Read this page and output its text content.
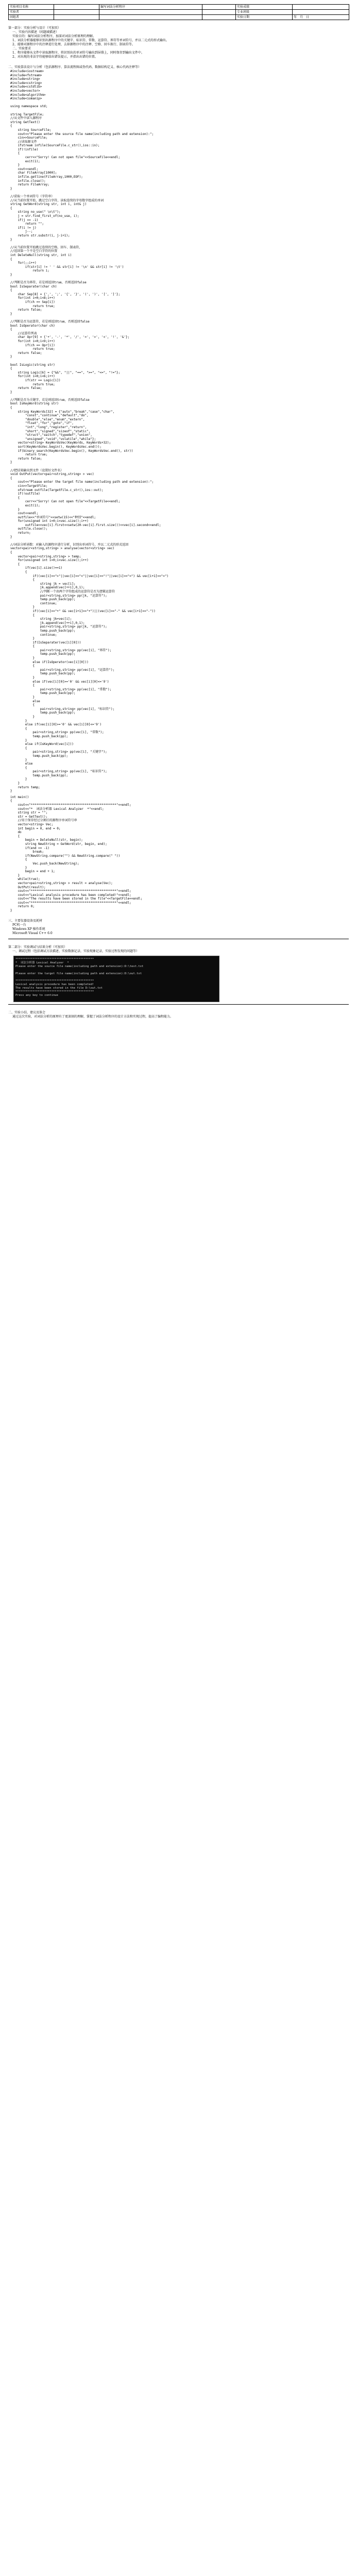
实验项目名称		编写词法分析程序		实验成绩	
实验者				专业班级	
同组者				实验日期	年　月　日
第一部分：实验分析与设计（可加页）
一、实验内容描述（问题域描述）
实验目的：编写词法分析程序，加深对词法分析原理的理解。
1、词法分析器能够识别出源程序中的关键字、标识符、常数、运算符、界符等单词符号，并以二元式的形式输出。
2、能够对源程序中的注释进行处理，去掉源程序中的注释、空格、回车换行、制表符等。
二、实验要求
1、程序能够从文件中读取源程序，将识别出的单词符号输出到屏幕上，同时保存到输出文件中。
2、对出现的非法字符能够给出错误提示，并指出出错的位置。
二、实验算法设计与分析（包括源程序、算法流程图或伪代码、数据结构定义、核心代码注释等）
#include<iostream>
#include<fstream>
#include<string>
#include<cstring>
#include<cstdlib>
#include<vector>
#include<algorithm>
#include<iomanip>

using namespace std;

string TargetFile;
//从文件中读入源程序
string GetText()
{
string SourceFile;
cout<<"Please enter the source file name(including path and extension):";
cin>>SourceFile;
//读取源文件
ifstream infile(SourceFile.c_str(),ios::in);
if(!infile)
{
cerr<<"Sorry! Can not open file"<<SourceFile<<endl;
exit(1);
}
cout<<endl;
char FileArray[1000];
infile.getline(FileArray,1000,EOF);
infile.close();
return FileArray;
}

//获取一个单词符号（字符串）
//从当前位置开始，跳过空白字符，读取连续的字母数字组成的单词
string GetWord(string str, int i, int& j)
{
string no_use(" \n\t");
j = str.find_first_of(no_use, i);
if(j == -1)
return "";
if(i != j)
j--;
return str.substr(i, j-i+1);
}

//从当前位置开始跳过连续的空格、回车、制表符，
//返回第一个不是空白字符的位置
int DeleteNull(string str, int i)
{
for(;;i++)
if(str[i] != ' ' && str[i] != '\n' && str[i] != '\t')
return i;
}

//判断是否为界符，若是则返回true，否则返回false
bool IsSeparater(char ch)
{
char Sep[8] = {',', ';', '{', '}', '(', ')', '[', ']'};
for(int i=0;i<8;i++)
if(ch == Sep[i])
return true;
return false;
}

//判断是否为运算符，若是则返回true，否则返回false
bool IsOperator(char ch)
{
//运算符列表
char Opr[9] = {'+', '-', '*', '/', '=', '>', '<', '!', '&'};
for(int i=0;i<9;i++)
if(ch == Opr[i])
return true;
return false;
}

bool IsLogic(string str)
{
string Logic[6] = {"&&", "||", "==", ">=", "<=", "!="};
for(int i=0;i<6;i++)
if(str == Logic[i])
return true;
return false;
}

//判断是否为关键字，若是则返回true，否则返回false
bool IsKeyWord(string str)
{
string KeyWords[32] = {"auto","break","case","char",
"const","continue","default","do",
"double","else","enum","extern",
"float","for","goto","if",
"int","long","register","return",
"short","signed","sizeof","static",
"struct","switch","typedef","union",
"unsigned","void","volatile","while"};
vector<string> KeyWordsVec(KeyWords, KeyWords+32);
sort(KeyWordsVec.begin(), KeyWordsVec.end());
if(binary_search(KeyWordsVec.begin(), KeyWordsVec.end(), str))
return true;
return false;
}

//把结果输出到文件（设置好文件名）
void OutPut(vector<pair<string,string> > vec)
{
cout<<"Please enter the target file name(including path and extension):";
cin>>TargetFile;
ofstream outfile(TargetFile.c_str(),ios::out);
if(!outfile)
{
cerr<<"Sorry! Can not open file"<<TargetFile<<endl;
exit(1);
}
cout<<endl;
outfile<<"单词符号"<<setw(15)<<"种别"<<endl;
for(unsigned int i=0;i<vec.size();i++)
outfile<<vec[i].first<<setw(20-vec[i].first.size())<<vec[i].second<<endl;
outfile.close();
return;
}

//词法分析函数：对输入的源程序进行分析，识别出单词符号，并以二元式的形式返回
vector<pair<string,string> > analyse(vector<string> vec)
{
vector<pair<string,string> > temp;
for(unsigned int i=0;i<vec.size();i++)
{
if(vec[i].size()==1)
{
if((vec[i]==">"||vec[i]=="<"||vec[i]=="!"||vec[i]=="=") && vec[i+1]=="=")
{
string jk = vec[i];
jk.append(vec[++i],0,1);
//判断一个由两个字符组成的运算符是否为逻辑运算符
pair<string,string> pp(jk, "运算符");
temp.push_back(pp);
continue;
}
if((vec[i]=="+" && vec[i+1]=="+")||(vec[i]=="-" && vec[i+1]=="-"))
{
string jk=vec[i];
jk.append(vec[++i],0,1);
pair<string,string> pp(jk, "运算符");
temp.push_back(pp);
continue;
}
if(IsSeparater(vec[i][0]))
{
pair<string,string> pp(vec[i], "界符");
temp.push_back(pp);
}
else if(IsOperator(vec[i][0]))
{
pair<string,string> pp(vec[i], "运算符");
temp.push_back(pp);
}
else if(vec[i][0]>='0' && vec[i][0]<='9')
{
pair<string,string> pp(vec[i], "常数");
temp.push_back(pp);
}
else
{
pair<string,string> pp(vec[i], "标识符");
temp.push_back(pp);
}
}
else if(vec[i][0]>='0' && vec[i][0]<='9')
{
pair<string,string> pp(vec[i], "常数");
temp.push_back(pp);
}
else if(IsKeyWord(vec[i]))
{
pair<string,string> pp(vec[i], "关键字");
temp.push_back(pp);
}
else
{
pair<string,string> pp(vec[i], "标识符");
temp.push_back(pp);
}
}
return temp;
}
int main()
{
cout<<"**********************************************"<<endl;
cout<<"*  词法分析器 Lexical Analyzer  *"<<endl;
string str = "";
str = GetText();
//用于保存经过分割后的源程序单词符号串
vector<string> Vec;
int begin = 0, end = 0;
do
{
begin = DeleteNull(str, begin);
string NewString = GetWord(str, begin, end);
if(end == -1)
break;
if(NewString.compare("") && NewString.compare(" "))
{
Vec.push_back(NewString);
}
begin = end + 1;
}
while(true);
vector<pair<string,string> > result = analyse(Vec);
OutPut(result);
cout<<"**********************************************"<<endl;
cout<<"Lexical analysis procedure has been completed!"<<endl;
cout<<"The results have been stored in the file"<<TargetFile<<endl;
cout<<"**********************************************"<<endl;
return 0;
}
三、主要仪器设备及耗材
PC机一台
Windows XP 操作系统
Microsoft Visual C++ 6.0
第二部分：实验调试与结果分析（可加页）
一、调试过程（包括调试方法描述、实验数据记录，实验现象记录，实验过程发现的问题等）
**********************************************
*  词法分析器 Lexical Analyzer  *
Please enter the source file name(including path and extension):D:\test.txt

Please enter the target file name(including path and extension):D:\out.txt

**********************************************
Lexical analysis procedure has been completed!
The results have been stored in the file D:\out.txt
**********************************************
Press any key to continue
二、实验小结、建议及体会
通过这次实验，对词法分析的原理有了更深刻的理解，掌握了词法分析程序的设计方法和实现过程，提高了编程能力。
